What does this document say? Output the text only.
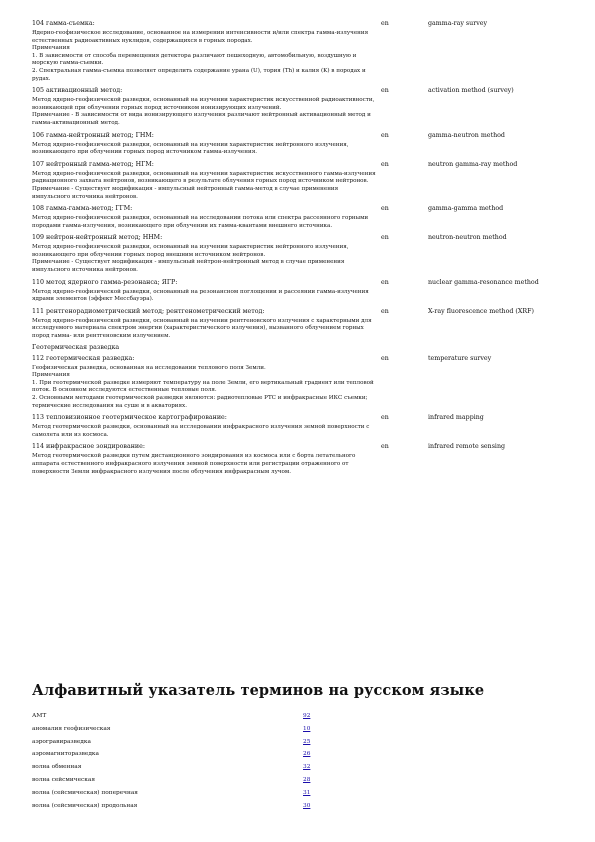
104 гамма-съемка:	en	gamma-ray survey
Ядерно-геофизическое исследование, основанное на измерении интенсивности и/или спектра гамма-излучения естественных радиоактивных нуклидов, содержащихся в горных породах.
Примечания
1. В зависимости от способа перемещения детектора различают пешеходную, автомобильную, воздушную и морскую гамма-съемки.
2. Спектральная гамма-съемка позволяет определить содержание урана (U), тория (Th) и калия (K) в породах и рудах.
105 активационный метод:	en	activation method (survey)
Метод ядерно-геофизической разведки, основанный на изучении характеристик искусственной радиоактивности, возникающей при облучении горных пород источником ионизирующих излучений.
Примечание - В зависимости от вида ионизирующего излучения различают нейтронный активационный метод и гамма-активационный метод.
106 гамма-нейтронный метод; ГНМ:	en	gamma-neutron method
Метод ядерно-геофизической разведки, основанный на изучении характеристик нейтронного излучения, возникающего при облучении горных пород источником гамма-излучения.
107 нейтронный гамма-метод; НГМ:	en	neutron gamma-ray method
Метод ядерно-геофизической разведки, основанный на изучении характеристик искусственного гамма-излучения радиационного захвата нейтронов, возникающего в результате облучения горных пород источником нейтронов.
Примечание - Существует модификация - импульсный нейтронный гамма-метод в случае применения импульсного источника нейтронов.
108 гамма-гамма-метод; ГГМ:	en	gamma-gamma method
Метод ядерно-геофизической разведки, основанный на исследовании потока или спектра рассеянного горными породами гамма-излучения, возникающего при облучении их гамма-квантами внешнего источника.
109 нейтрон-нейтронный метод; ННМ:	en	neutron-neutron method
Метод ядерно-геофизической разведки, основанный на изучении характеристик нейтронного излучения, возникающего при облучении горных пород внешним источником нейтронов.
Примечание - Существует модификация - импульсный нейтрон-нейтронный метод в случае применения импульсного источника нейтронов.
110 метод ядерного гамма-резонанса; ЯГР:	en	nuclear gamma-resonance method
Метод ядерно-геофизической разведки, основанный на резонансном поглощении и рассеянии гамма-излучения ядрами элементов (эффект Мессбауэра).
111 рентгенорадиометрический метод; рентгенометрический метод:	en	X-ray fluorescence method (XRF)
Метод ядерно-геофизической разведки, основанный на изучении рентгеновского излучения с характерными для исследуемого материала спектром энергии (характеристического излучения), вызванного облучением горных пород гамма- или рентгеновским излучением.
Геотермическая разведка
112 геотермическая разведка:	en	temperature survey
Геофизическая разведка, основанная на исследовании теплового поля Земли.
Примечания
1. При геотермической разведке измеряют температуру на поле Земли, его вертикальный градиент или тепловой поток. В основном исследуются естественные тепловые поля.
2. Основными методами геотермической разведки являются: радиотепловые РТС и инфракрасные ИКС съемки; термические исследования на суше и в акваториях.
113 тепловизионное геотермическое картографирование:	en	infrared mapping
Метод геотермической разведки, основанный на исследовании инфракрасного излучения земной поверхности с самолета или из космоса.
114 инфракрасное зондирование:	en	infrared remote sensing
Метод геотермической разведки путем дистанционного зондирования из космоса или с борта летательного аппарата естественного инфракрасного излучения земной поверхности или регистрации отраженного от поверхности Земли инфракрасного излучения после облучения инфракрасным лучом.
Алфавитный указатель терминов на русском языке
АМТ	92
аномалия геофизическая	10
аэрогравиразведка	25
аэромагниторазведка	26
волна обменная	32
волна сейсмическая	28
волна (сейсмическая) поперечная	31
волна (сейсмическая) продольная	30
